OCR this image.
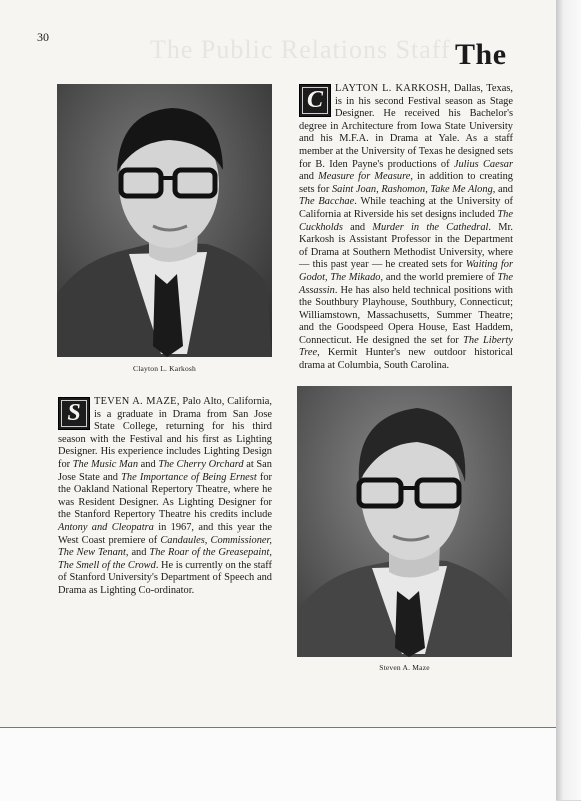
30	The Public Relations Staff The
Clayton L. Karkosh

C	LAYTON L. KARKOSH, Dallas, Texas, is in his second Festival season as Stage Designer. He received his Bachelor's degree in Architecture from Iowa State University and his M.F.A. in Drama at Yale. As a staff member at the University of Texas he designed sets for B. Iden Payne's productions of Julius Caesar and Measure for Measure, in addition to creating sets for Saint Joan, Rashomon, Take Me Along, and The Bacchae. While teaching at the University of California at Riverside his set designs included The Cuckholds and Murder in the Cathedral. Mr. Karkosh is Assistant Professor in the Department of Drama at Southern Methodist University, where — this past year — he created sets for Waiting for Godot, The Mikado, and the world premiere of The Assassin. He has also held technical positions with the Southbury Playhouse, Southbury, Connecticut; Williamstown, Massachusetts, Summer Theatre; and the Goodspeed Opera House, East Haddem, Connecticut. He designed the set for The Liberty Tree, Kermit Hunter's new outdoor historical drama at Columbia, South Carolina.

S	TEVEN A. MAZE, Palo Alto, California, is a graduate in Drama from San Jose State College, returning for his third season with the Festival and his first as Lighting Designer. His experience includes Lighting Design for The Music Man and The Cherry Orchard at San Jose State and The Importance of Being Ernest for the Oakland National Repertory Theatre, where he was Resident Designer. As Lighting Designer for the Stanford Repertory Theatre his credits include Antony and Cleopatra in 1967, and this year the West Coast premiere of Candaules, Commissioner, The New Tenant, and The Roar of the Greasepaint, The Smell of the Crowd. He is currently on the staff of Stanford University's Department of Speech and Drama as Lighting Co-ordinator.

Steven A. Maze
